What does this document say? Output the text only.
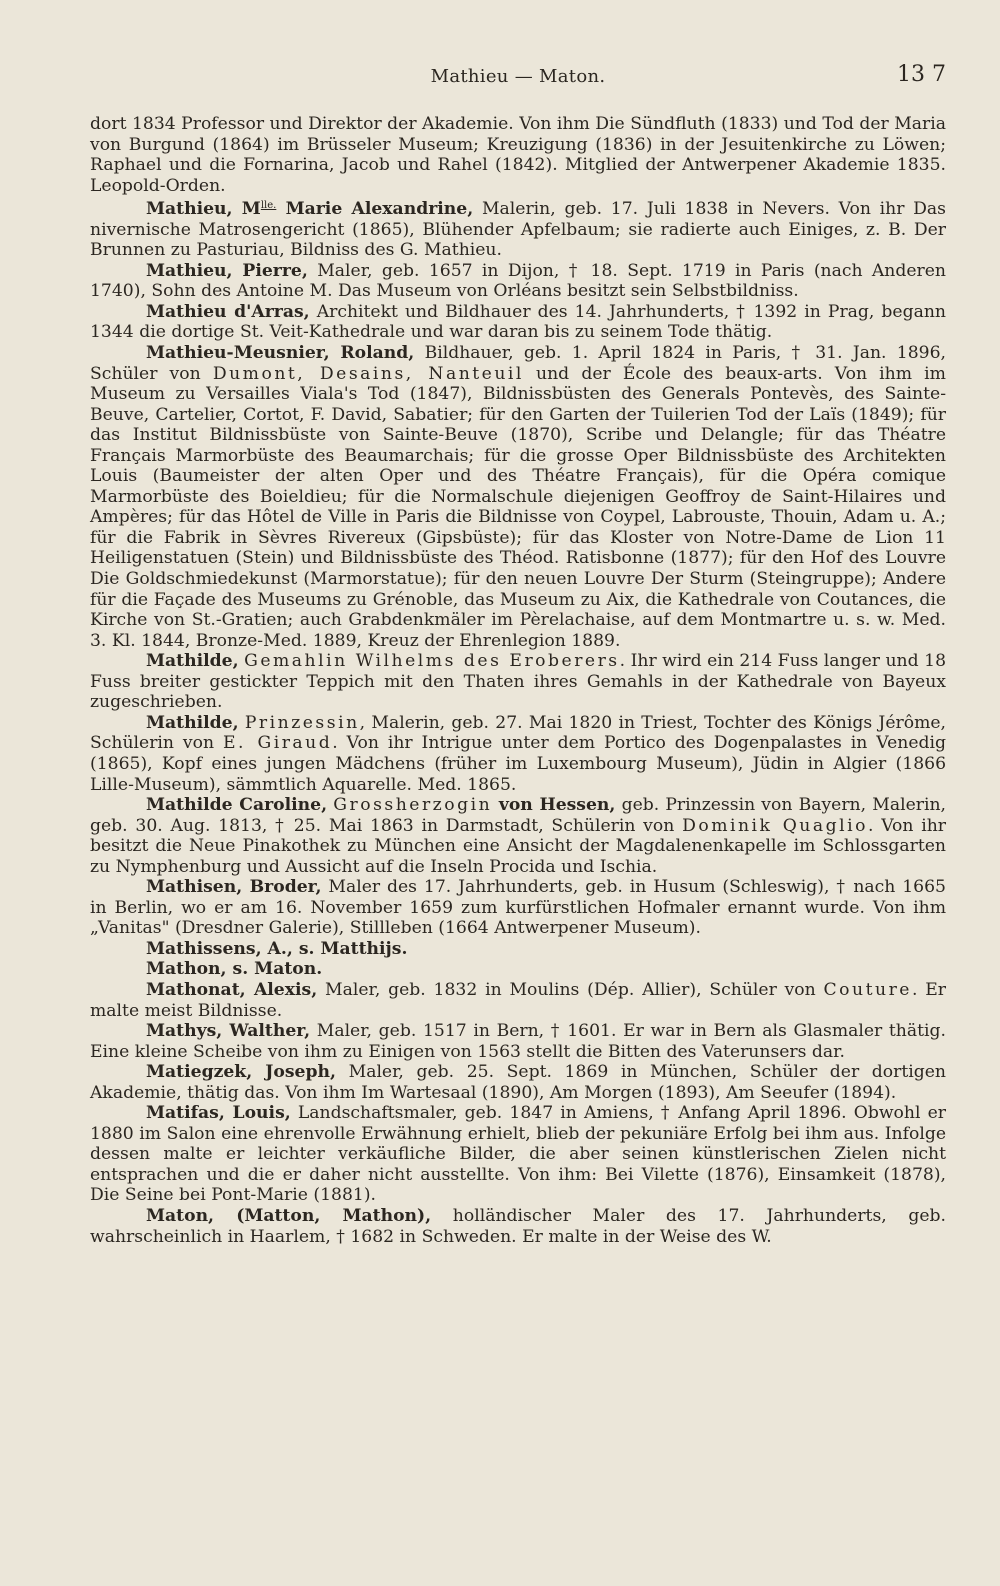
Mathieu — Maton.	13 7

dort 1834 Professor und Direktor der Akademie. Von ihm Die Sündfluth (1833) und Tod der Maria von Burgund (1864) im Brüsseler Museum; Kreuzigung (1836) in der Jesuitenkirche zu Löwen; Raphael und die Fornarina, Jacob und Rahel (1842). Mitglied der Antwerpener Akademie 1835. Leopold-Orden.

Mathieu, $M^{lle.}$ Marie Alexandrine, Malerin, geb. 17. Juli 1838 in Nevers. Von ihr Das nivernische Matrosengericht (1865), Blühender Apfelbaum; sie radierte auch Einiges, z. B. Der Brunnen zu Pasturiau, Bildniss des G. Mathieu.

Mathieu, Pierre, Maler, geb. 1657 in Dijon, † 18. Sept. 1719 in Paris (nach Anderen 1740), Sohn des Antoine M. Das Museum von Orléans besitzt sein Selbstbildniss.

Mathieu d'Arras, Architekt und Bildhauer des 14. Jahrhunderts, † 1392 in Prag, begann 1344 die dortige St. Veit-Kathedrale und war daran bis zu seinem Tode thätig.

Mathieu-Meusnier, Roland, Bildhauer, geb. 1. April 1824 in Paris, † 31. Jan. 1896, Schüler von Dumont, Desains, Nanteuil und der École des beaux-arts. Von ihm im Museum zu Versailles Viala's Tod (1847), Bildnissbüsten des Generals Pontevès, des Sainte-Beuve, Cartelier, Cortot, F. David, Sabatier; für den Garten der Tuilerien Tod der Laïs (1849); für das Institut Bildnissbüste von Sainte-Beuve (1870), Scribe und Delangle; für das Théatre Français Marmorbüste des Beaumarchais; für die grosse Oper Bildnissbüste des Architekten Louis (Baumeister der alten Oper und des Théatre Français), für die Opéra comique Marmorbüste des Boieldieu; für die Normalschule diejenigen Geoffroy de Saint-Hilaires und Ampères; für das Hôtel de Ville in Paris die Bildnisse von Coypel, Labrouste, Thouin, Adam u. A.; für die Fabrik in Sèvres Rivereux (Gipsbüste); für das Kloster von Notre-Dame de Lion 11 Heiligenstatuen (Stein) und Bildnissbüste des Théod. Ratisbonne (1877); für den Hof des Louvre Die Goldschmiedekunst (Marmorstatue); für den neuen Louvre Der Sturm (Steingruppe); Andere für die Façade des Museums zu Grénoble, das Museum zu Aix, die Kathedrale von Coutances, die Kirche von St.-Gratien; auch Grabdenkmäler im Pèrelachaise, auf dem Montmartre u. s. w. Med. 3. Kl. 1844, Bronze-Med. 1889, Kreuz der Ehrenlegion 1889.

Mathilde, Gemahlin Wilhelms des Eroberers. Ihr wird ein 214 Fuss langer und 18 Fuss breiter gestickter Teppich mit den Thaten ihres Gemahls in der Kathedrale von Bayeux zugeschrieben.

Mathilde, Prinzessin, Malerin, geb. 27. Mai 1820 in Triest, Tochter des Königs Jérôme, Schülerin von E. Giraud. Von ihr Intrigue unter dem Portico des Dogenpalastes in Venedig (1865), Kopf eines jungen Mädchens (früher im Luxembourg Museum), Jüdin in Algier (1866 Lille-Museum), sämmtlich Aquarelle. Med. 1865.

Mathilde Caroline, Grossherzogin von Hessen, geb. Prinzessin von Bayern, Malerin, geb. 30. Aug. 1813, † 25. Mai 1863 in Darmstadt, Schülerin von Dominik Quaglio. Von ihr besitzt die Neue Pinakothek zu München eine Ansicht der Magdalenenkapelle im Schlossgarten zu Nymphenburg und Aussicht auf die Inseln Procida und Ischia.

Mathisen, Broder, Maler des 17. Jahrhunderts, geb. in Husum (Schleswig), † nach 1665 in Berlin, wo er am 16. November 1659 zum kurfürstlichen Hofmaler ernannt wurde. Von ihm „Vanitas" (Dresdner Galerie), Stillleben (1664 Antwerpener Museum).

Mathissens, A., s. Matthijs.

Mathon, s. Maton.

Mathonat, Alexis, Maler, geb. 1832 in Moulins (Dép. Allier), Schüler von Couture. Er malte meist Bildnisse.

Mathys, Walther, Maler, geb. 1517 in Bern, † 1601. Er war in Bern als Glasmaler thätig. Eine kleine Scheibe von ihm zu Einigen von 1563 stellt die Bitten des Vaterunsers dar.

Matiegzek, Joseph, Maler, geb. 25. Sept. 1869 in München, Schüler der dortigen Akademie, thätig das. Von ihm Im Wartesaal (1890), Am Morgen (1893), Am Seeufer (1894).

Matifas, Louis, Landschaftsmaler, geb. 1847 in Amiens, † Anfang April 1896. Obwohl er 1880 im Salon eine ehrenvolle Erwähnung erhielt, blieb der pekuniäre Erfolg bei ihm aus. Infolge dessen malte er leichter verkäufliche Bilder, die aber seinen künstlerischen Zielen nicht entsprachen und die er daher nicht ausstellte. Von ihm: Bei Vilette (1876), Einsamkeit (1878), Die Seine bei Pont-Marie (1881).

Maton, (Matton, Mathon), holländischer Maler des 17. Jahrhunderts, geb. wahrscheinlich in Haarlem, † 1682 in Schweden. Er malte in der Weise des W.
